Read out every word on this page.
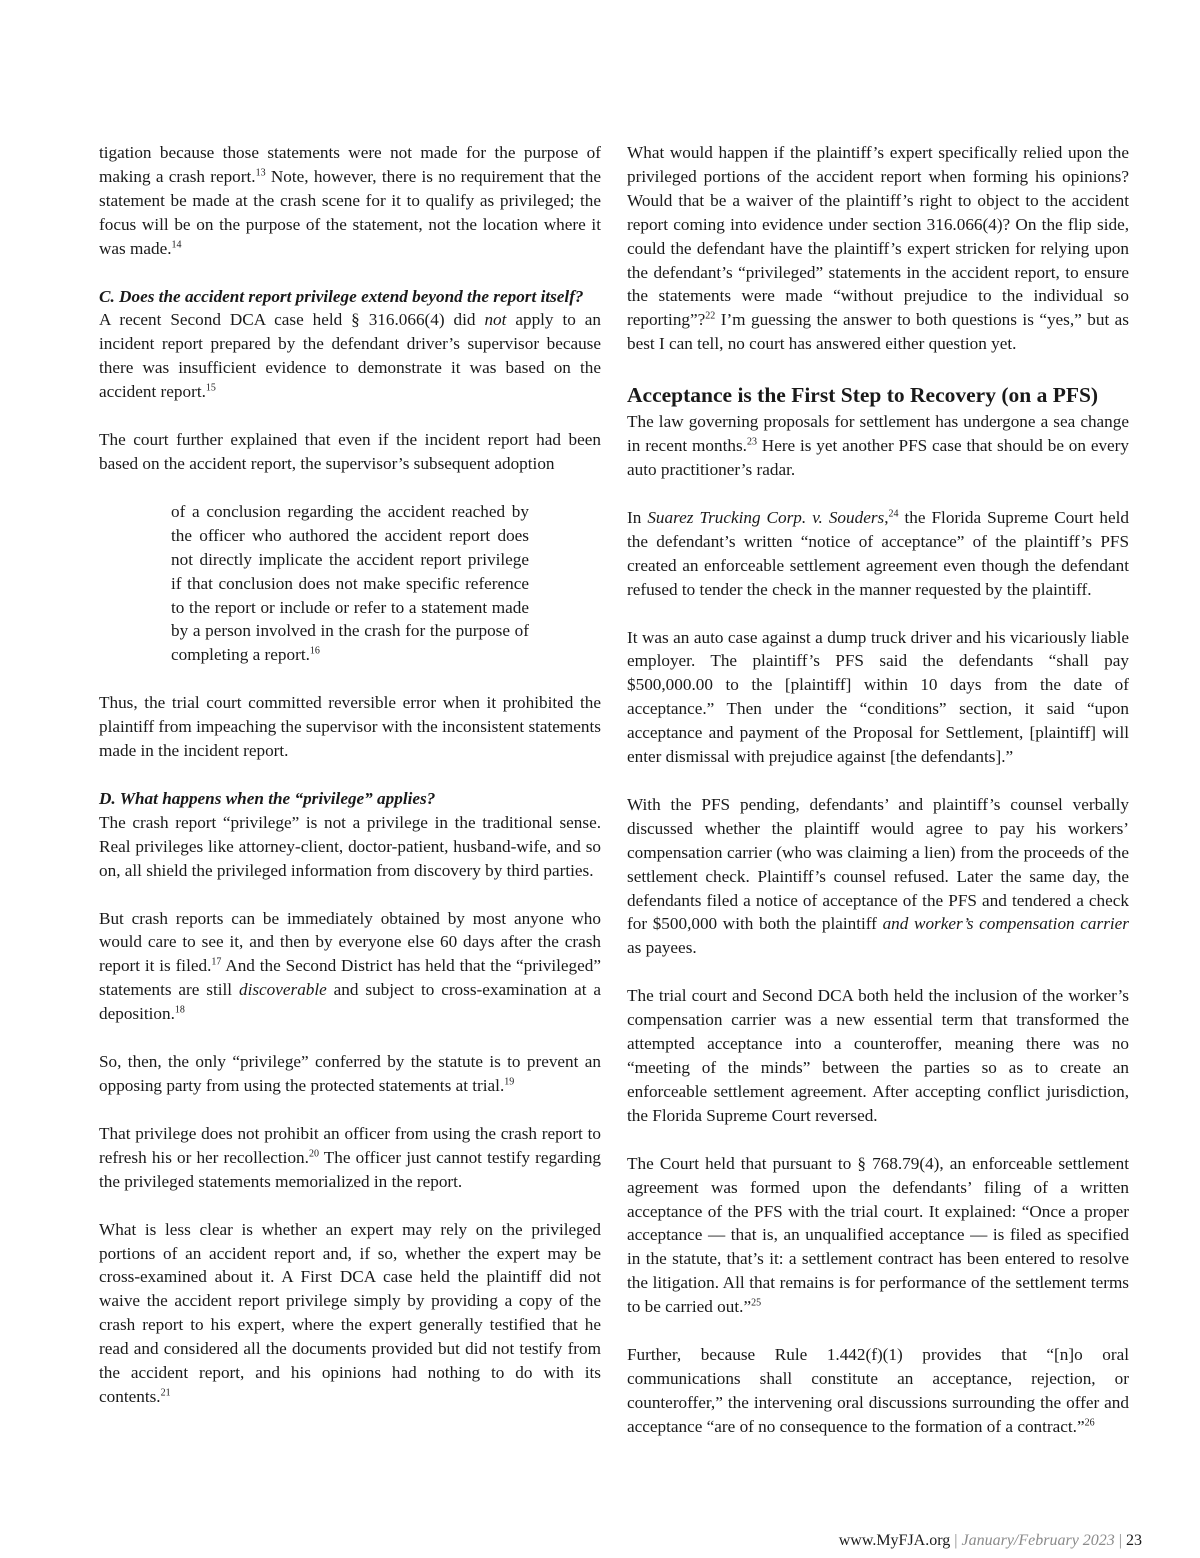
tigation because those statements were not made for the purpose of making a crash report.$^{13}$ Note, however, there is no requirement that the statement be made at the crash scene for it to qualify as privileged; the focus will be on the purpose of the statement, not the location where it was made.$^{14}$

C. Does the accident report privilege extend beyond the report itself?

A recent Second DCA case held § 316.066(4) did not apply to an incident report prepared by the defendant driver’s supervisor because there was insufficient evidence to demonstrate it was based on the accident report.$^{15}$

The court further explained that even if the incident report had been based on the accident report, the supervisor’s subsequent adoption

of a conclusion regarding the accident reached by the officer who authored the accident report does not directly implicate the accident report privilege if that conclusion does not make specific reference to the report or include or refer to a statement made by a person involved in the crash for the purpose of completing a report.$^{16}$

Thus, the trial court committed reversible error when it prohibited the plaintiff from impeaching the supervisor with the inconsistent statements made in the incident report.

D. What happens when the “privilege” applies?

The crash report “privilege” is not a privilege in the traditional sense. Real privileges like attorney-client, doctor-patient, husband-wife, and so on, all shield the privileged information from discovery by third parties.

But crash reports can be immediately obtained by most anyone who would care to see it, and then by everyone else 60 days after the crash report it is filed.$^{17}$ And the Second District has held that the “privileged” statements are still discoverable and subject to cross-examination at a deposition.$^{18}$

So, then, the only “privilege” conferred by the statute is to prevent an opposing party from using the protected statements at trial.$^{19}$

That privilege does not prohibit an officer from using the crash report to refresh his or her recollection.$^{20}$ The officer just cannot testify regarding the privileged statements memorialized in the report.

What is less clear is whether an expert may rely on the privileged portions of an accident report and, if so, whether the expert may be cross-examined about it. A First DCA case held the plaintiff did not waive the accident report privilege simply by providing a copy of the crash report to his expert, where the expert generally testified that he read and considered all the documents provided but did not testify from the accident report, and his opinions had nothing to do with its contents.$^{21}$

What would happen if the plaintiff’s expert specifically relied upon the privileged portions of the accident report when forming his opinions? Would that be a waiver of the plaintiff’s right to object to the accident report coming into evidence under section 316.066(4)? On the flip side, could the defendant have the plaintiff’s expert stricken for relying upon the defendant’s “privileged” statements in the accident report, to ensure the statements were made “without prejudice to the individual so reporting”?$^{22}$ I’m guessing the answer to both questions is “yes,” but as best I can tell, no court has answered either question yet.

Acceptance is the First Step to Recovery (on a PFS)

The law governing proposals for settlement has undergone a sea change in recent months.$^{23}$ Here is yet another PFS case that should be on every auto practitioner’s radar.

In Suarez Trucking Corp. v. Souders,$^{24}$ the Florida Supreme Court held the defendant’s written “notice of acceptance” of the plaintiff’s PFS created an enforceable settlement agreement even though the defendant refused to tender the check in the manner requested by the plaintiff.

It was an auto case against a dump truck driver and his vicariously liable employer. The plaintiff’s PFS said the defendants “shall pay $500,000.00 to the [plaintiff] within 10 days from the date of acceptance.” Then under the “conditions” section, it said “upon acceptance and payment of the Proposal for Settlement, [plaintiff] will enter dismissal with prejudice against [the defendants].”

With the PFS pending, defendants’ and plaintiff’s counsel verbally discussed whether the plaintiff would agree to pay his workers’ compensation carrier (who was claiming a lien) from the proceeds of the settlement check. Plaintiff’s counsel refused. Later the same day, the defendants filed a notice of acceptance of the PFS and tendered a check for $500,000 with both the plaintiff and worker’s compensation carrier as payees.

The trial court and Second DCA both held the inclusion of the worker’s compensation carrier was a new essential term that transformed the attempted acceptance into a counteroffer, meaning there was no “meeting of the minds” between the parties so as to create an enforceable settlement agreement. After accepting conflict jurisdiction, the Florida Supreme Court reversed.

The Court held that pursuant to § 768.79(4), an enforceable settlement agreement was formed upon the defendants’ filing of a written acceptance of the PFS with the trial court. It explained: “Once a proper acceptance — that is, an unqualified acceptance — is filed as specified in the statute, that’s it: a settlement contract has been entered to resolve the litigation. All that remains is for performance of the settlement terms to be carried out.”$^{25}$

Further, because Rule 1.442(f)(1) provides that “[n]o oral communications shall constitute an acceptance, rejection, or counteroffer,” the intervening oral discussions surrounding the offer and acceptance “are of no consequence to the formation of a contract.”$^{26}$

www.MyFJA.org | January/February 2023 | 23
